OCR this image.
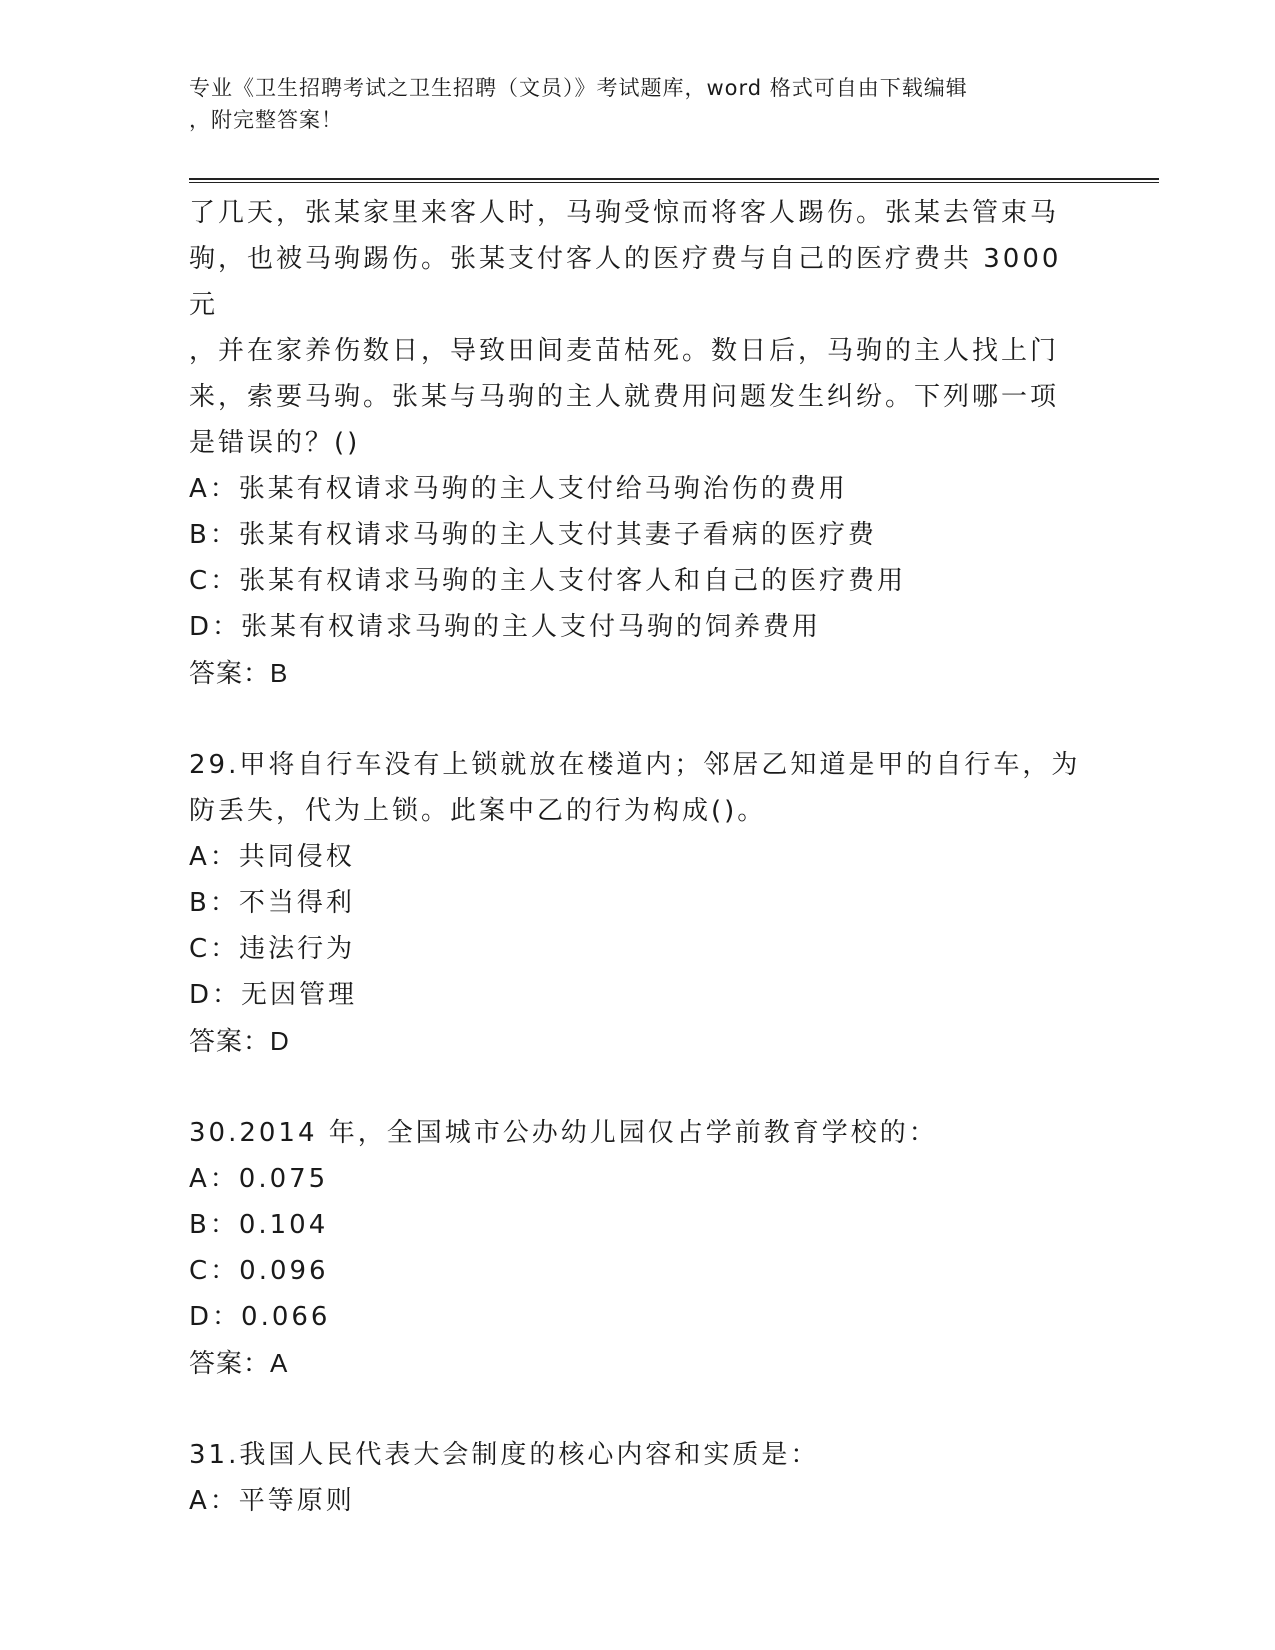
专业《卫生招聘考试之卫生招聘（文员）》考试题库，word 格式可自由下载编辑
，附完整答案！
了几天，张某家里来客人时，马驹受惊而将客人踢伤。张某去管束马
驹，也被马驹踢伤。张某支付客人的医疗费与自己的医疗费共 3000 元
，并在家养伤数日，导致田间麦苗枯死。数日后，马驹的主人找上门
来，索要马驹。张某与马驹的主人就费用问题发生纠纷。下列哪一项
是错误的？()
A：张某有权请求马驹的主人支付给马驹治伤的费用
B：张某有权请求马驹的主人支付其妻子看病的医疗费
C：张某有权请求马驹的主人支付客人和自己的医疗费用
D：张某有权请求马驹的主人支付马驹的饲养费用
答案：B
29.甲将自行车没有上锁就放在楼道内；邻居乙知道是甲的自行车，为
防丢失，代为上锁。此案中乙的行为构成()。
A：共同侵权
B：不当得利
C：违法行为
D：无因管理
答案：D
30.2014 年，全国城市公办幼儿园仅占学前教育学校的：
A：0.075
B：0.104
C：0.096
D：0.066
答案：A
31.我国人民代表大会制度的核心内容和实质是：
A：平等原则
